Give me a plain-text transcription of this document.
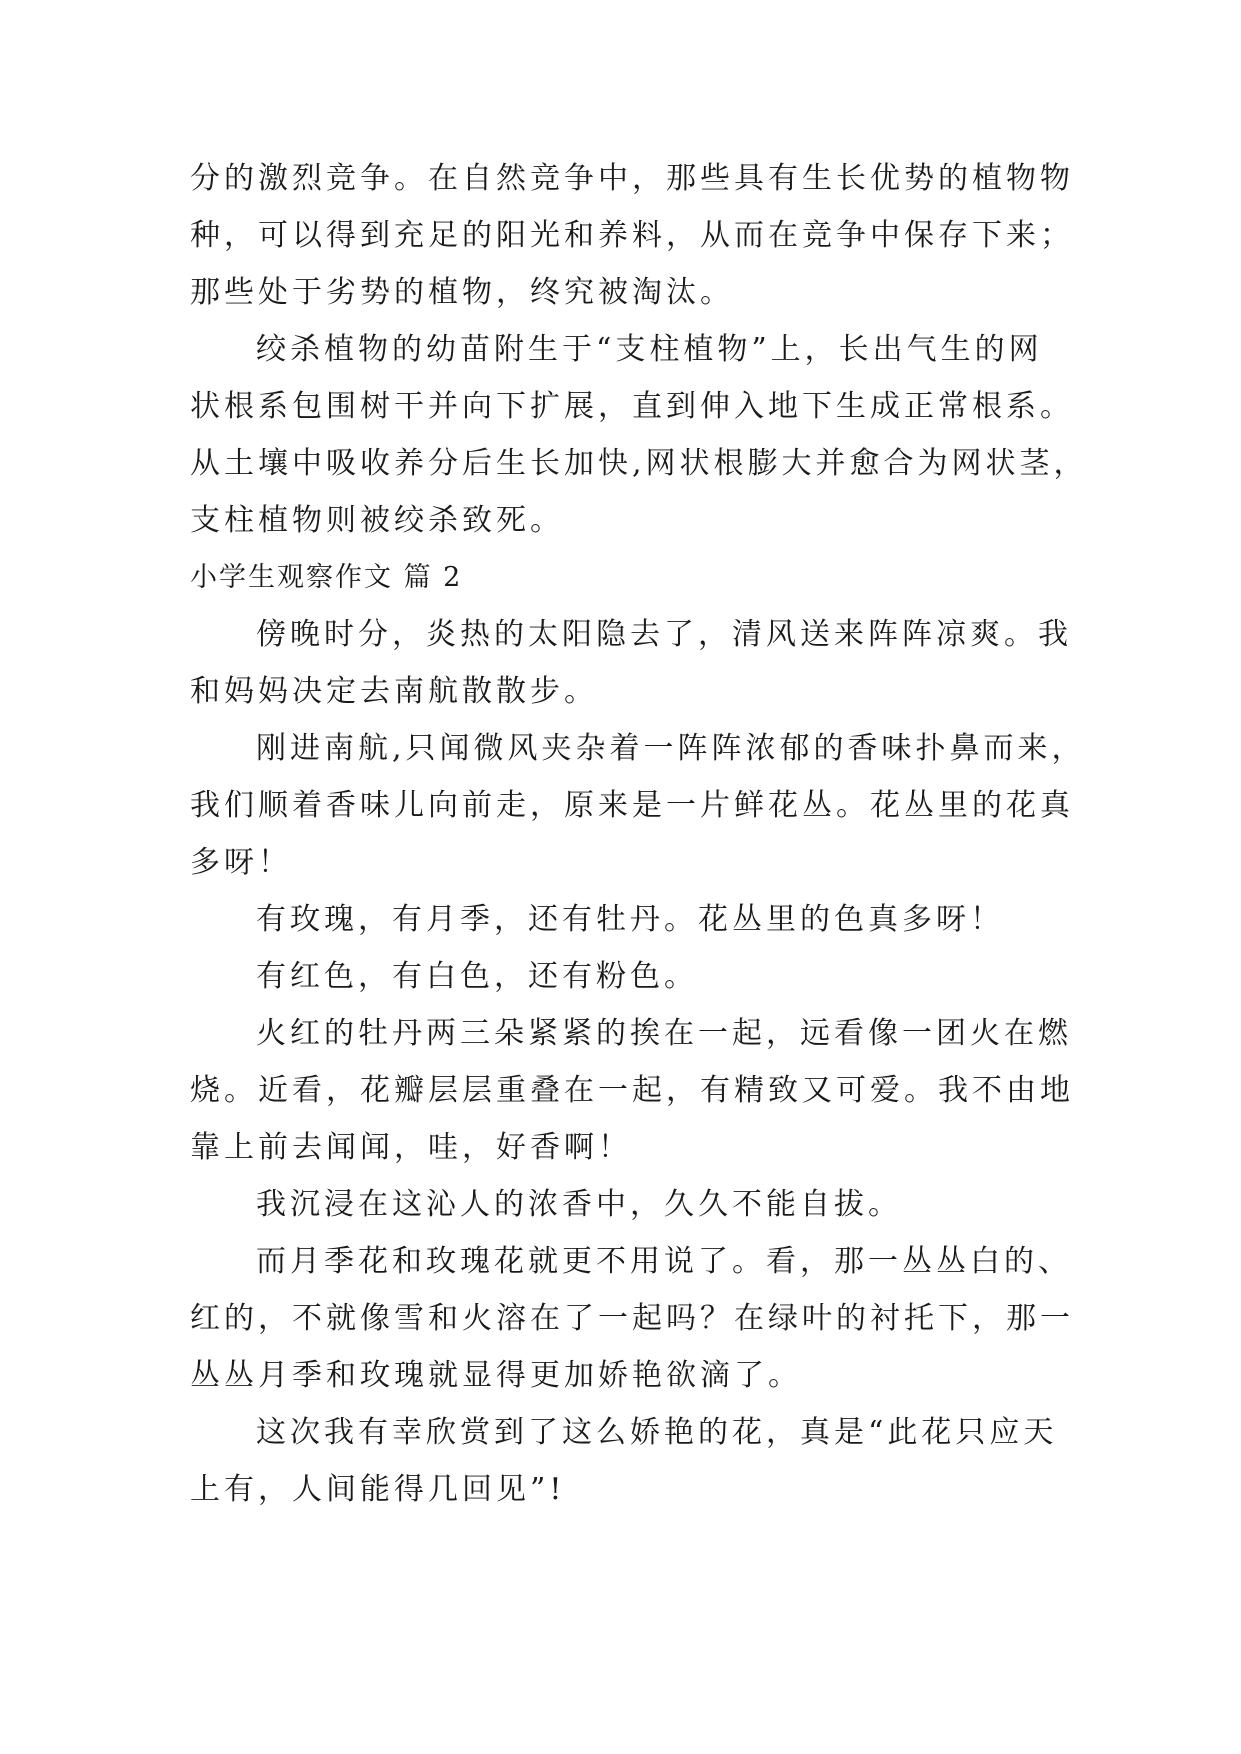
分的激烈竞争。在自然竞争中，那些具有生长优势的植物物
种，可以得到充足的阳光和养料，从而在竞争中保存下来；
那些处于劣势的植物，终究被淘汰。
绞杀植物的幼苗附生于“支柱植物”上，长出气生的网
状根系包围树干并向下扩展，直到伸入地下生成正常根系。
从土壤中吸收养分后生长加快,网状根膨大并愈合为网状茎，
支柱植物则被绞杀致死。
小学生观察作文 篇 2
傍晚时分，炎热的太阳隐去了，清风送来阵阵凉爽。我
和妈妈决定去南航散散步。
刚进南航,只闻微风夹杂着一阵阵浓郁的香味扑鼻而来，
我们顺着香味儿向前走，原来是一片鲜花丛。花丛里的花真
多呀！
有玫瑰，有月季，还有牡丹。花丛里的色真多呀！
有红色，有白色，还有粉色。
火红的牡丹两三朵紧紧的挨在一起，远看像一团火在燃
烧。近看，花瓣层层重叠在一起，有精致又可爱。我不由地
靠上前去闻闻，哇，好香啊！
我沉浸在这沁人的浓香中，久久不能自拔。
而月季花和玫瑰花就更不用说了。看，那一丛丛白的、
红的，不就像雪和火溶在了一起吗？在绿叶的衬托下，那一
丛丛月季和玫瑰就显得更加娇艳欲滴了。
这次我有幸欣赏到了这么娇艳的花，真是“此花只应天
上有，人间能得几回见”!
